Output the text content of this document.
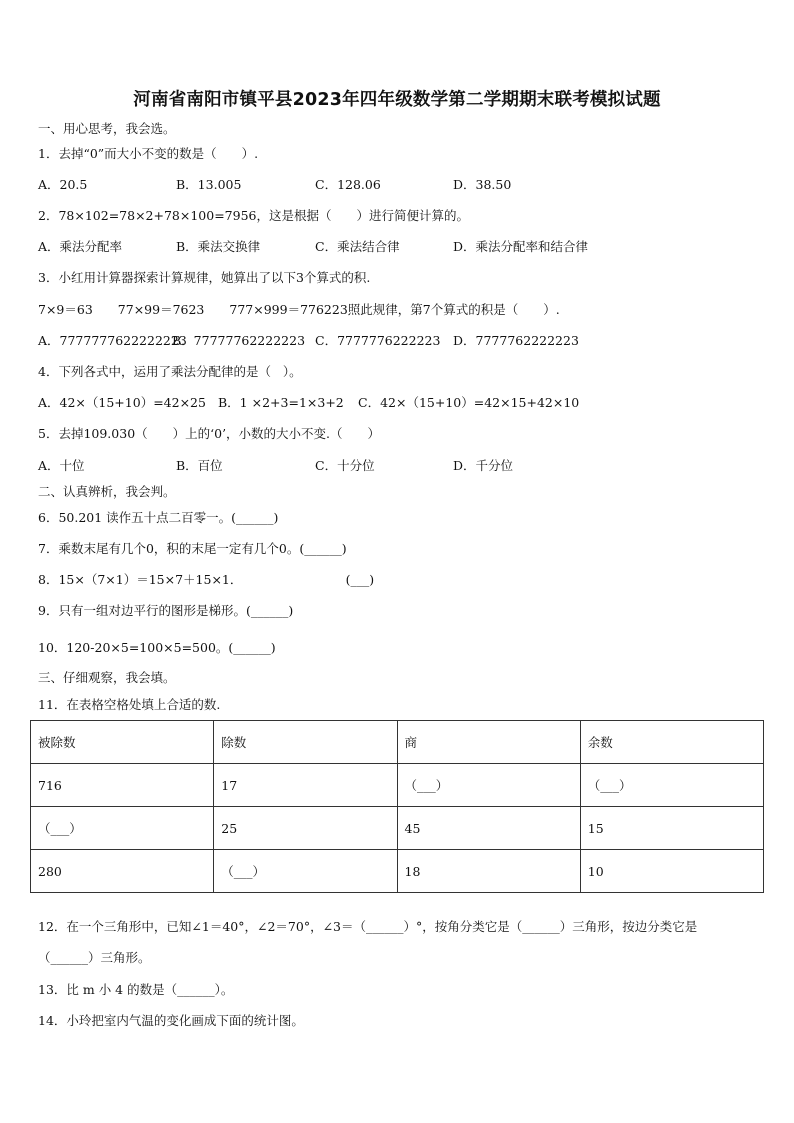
河南省南阳市镇平县2023年四年级数学第二学期期末联考模拟试题
一、用心思考，我会选。
1．去掉“0”而大小不变的数是（　　）.
A．20.5	B．13.005	C．128.06	D．38.50
2．78×102=78×2+78×100=7956，这是根据（　　）进行简便计算的。
A．乘法分配率	B．乘法交换律	C．乘法结合律	D．乘法分配率和结合律
3．小红用计算器探索计算规律，她算出了以下3个算式的积.
7×9＝63　　77×99＝7623　　777×999＝776223照此规律，第7个算式的积是（　　）.
A．7777777622222223
B．77777762222223 C．7777776222223 D．7777762222223
4．下列各式中，运用了乘法分配律的是（   ）。
A．42×（15+10）=42×25 B．1 ×2+3=1×3+2 C．42×（15+10）=42×15+42×10
5．去掉109.030（　　）上的‘0’，小数的大小不变.（　　）
A．十位	B．百位	C．十分位	D．千分位
二、认真辨析，我会判。
6．50.201 读作五十点二百零一。(______)
7．乘数末尾有几个0，积的末尾一定有几个0。(______)
8．15×（7×1）＝15×7＋15×1．                          (___)
9．只有一组对边平行的图形是梯形。(______)
10．120-20×5=100×5=500。(______)
三、仔细观察，我会填。
11．在表格空格处填上合适的数.
被除数	除数	商	余数
716	17	（___）	（___）
（___）	25	45	15
280	（___）	18	10
12．在一个三角形中，已知∠1＝40°，∠2＝70°，∠3＝（______）°，按角分类它是（______）三角形，按边分类它是
（______）三角形。
13．比 m 小 4 的数是（______）。
14．小玲把室内气温的变化画成下面的统计图。
